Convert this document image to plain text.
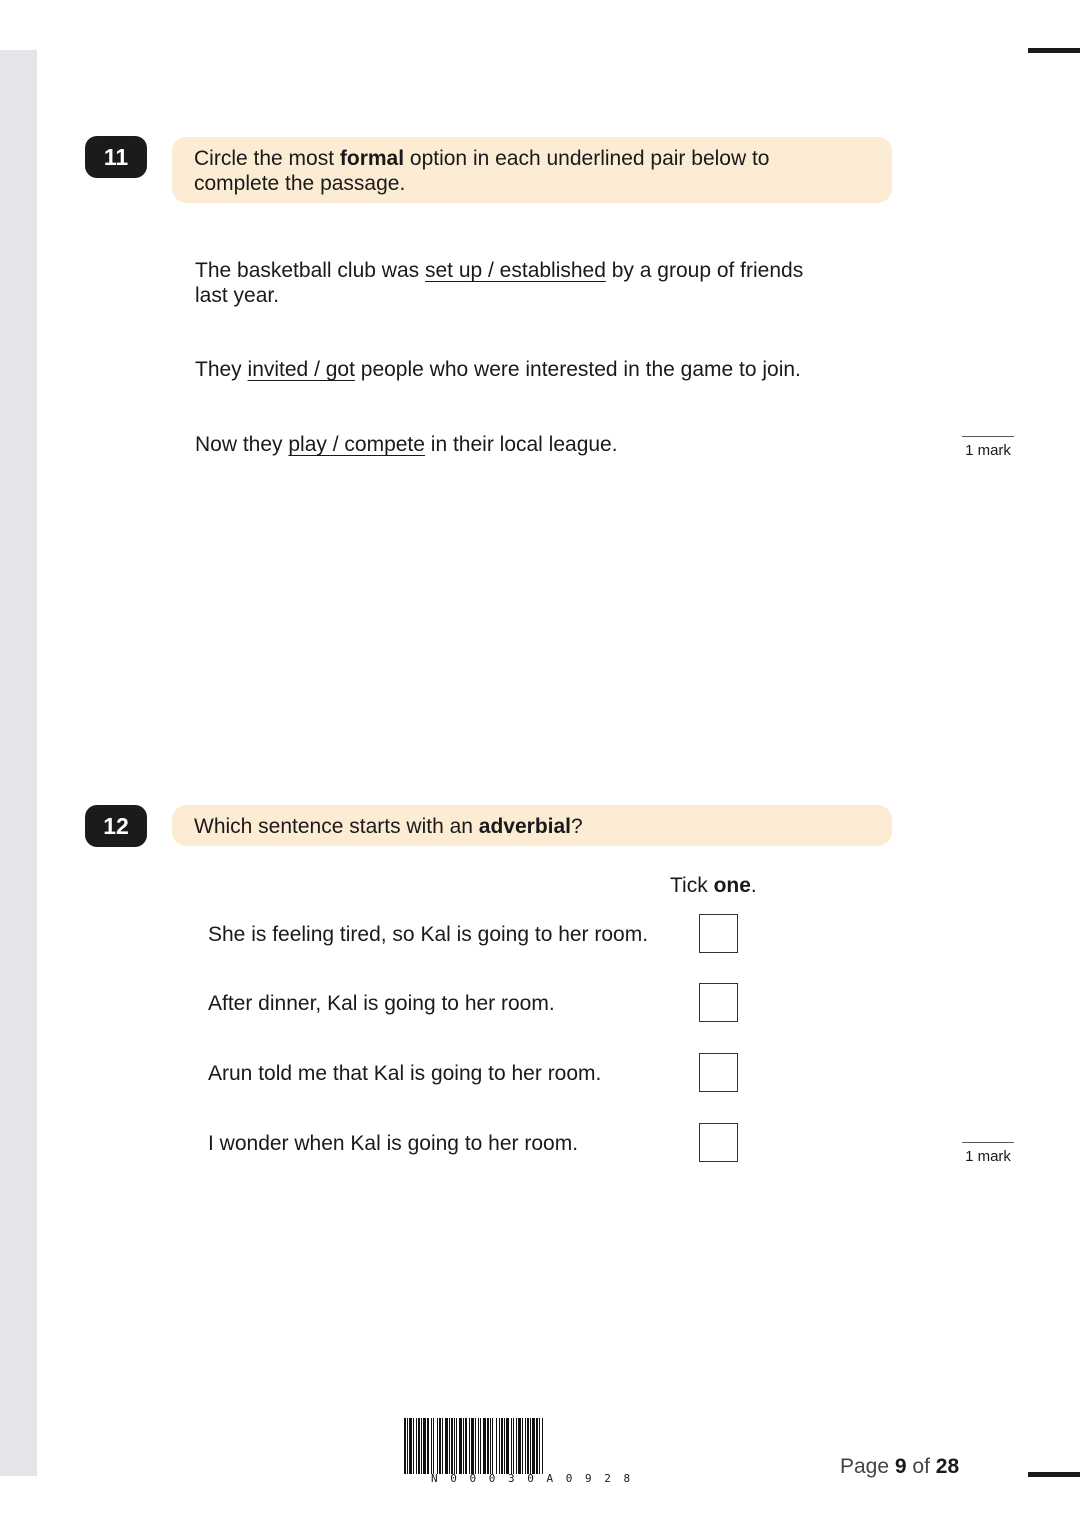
11	Circle the most formal option in each underlined pair below to
complete the passage.
The basketball club was set up / established by a group of friends
last year.
They invited / got people who were interested in the game to join.
Now they play / compete in their local league.	1 mark
12	Which sentence starts with an adverbial?
Tick one.
She is feeling tired, so Kal is going to her room.
After dinner, Kal is going to her room.
Arun told me that Kal is going to her room.
I wonder when Kal is going to her room.
1 mark
N 0 0 0 3 0 A 0 9 2 8
Page 9 of 28
